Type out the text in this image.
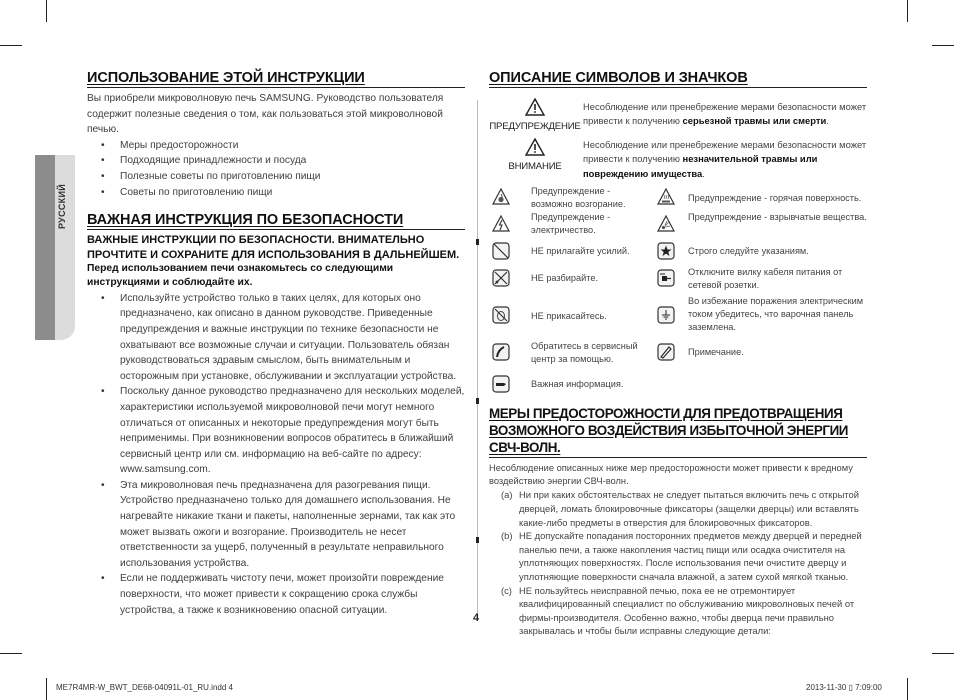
РУССКИЙ
ИСПОЛЬЗОВАНИЕ ЭТОЙ ИНСТРУКЦИИ

Вы приобрели микроволновую печь SAMSUNG. Руководство пользователя содержит полезные сведения о том, как пользоваться этой микроволновой печью.

• Меры предосторожности
• Подходящие принадлежности и посуда
• Полезные советы по приготовлению пищи
• Советы по приготовлению пищи
ВАЖНАЯ ИНСТРУКЦИЯ ПО БЕЗОПАСНОСТИ

ВАЖНЫЕ ИНСТРУКЦИИ ПО БЕЗОПАСНОСТИ. ВНИМАТЕЛЬНО ПРОЧТИТЕ И СОХРАНИТЕ ДЛЯ ИСПОЛЬЗОВАНИЯ В ДАЛЬНЕЙШЕМ.

Перед использованием печи ознакомьтесь со следующими инструкциями и соблюдайте их.

• Используйте устройство только в таких целях, для которых оно предназначено, как описано в данном руководстве. Приведенные предупреждения и важные инструкции по технике безопасности не охватывают все возможные случаи и ситуации. Пользователь обязан руководствоваться здравым смыслом, быть внимательным и осторожным при установке, обслуживании и эксплуатации устройства.
• Поскольку данное руководство предназначено для нескольких моделей, характеристики используемой микроволновой печи могут немного отличаться от описанных и некоторые предупреждения могут быть неприменимы. При возникновении вопросов обратитесь в ближайший сервисный центр или см. информацию на веб-сайте по адресу: www.samsung.com.
• Эта микроволновая печь предназначена для разогревания пищи. Устройство предназначено только для домашнего использования. Не нагревайте никакие ткани и пакеты, наполненные зернами, так как это может вызвать ожоги и возгорание. Производитель не несет ответственности за ущерб, полученный в результате неправильного использования устройства.
• Если не поддерживать чистоту печи, может произойти повреждение поверхности, что может привести к сокращению срока службы устройства, а также к возникновению опасной ситуации.
ОПИСАНИЕ СИМВОЛОВ И ЗНАЧКОВ
ПРЕДУПРЕЖДЕНИЕ
Несоблюдение или пренебрежение мерами безопасности может привести к получению серьезной травмы или смерти.
ВНИМАНИЕ
Несоблюдение или пренебрежение мерами безопасности может привести к получению незначительной травмы или повреждению имущества.
Предупреждение - возможно возгорание.
Предупреждение - электричество.
НЕ прилагайте усилий.
НЕ разбирайте.
НЕ прикасайтесь.
Обратитесь в сервисный центр за помощью.
Важная информация.
Предупреждение - горячая поверхность.
Предупреждение - взрывчатые вещества.
Строго следуйте указаниям.
Отключите вилку кабеля питания от сетевой розетки.
Во избежание поражения электрическим током убедитесь, что варочная панель заземлена.
Примечание.
МЕРЫ ПРЕДОСТОРОЖНОСТИ ДЛЯ ПРЕДОТВРАЩЕНИЯ
ВОЗМОЖНОГО ВОЗДЕЙСТВИЯ ИЗБЫТОЧНОЙ ЭНЕРГИИ СВЧ-ВОЛН.

Несоблюдение описанных ниже мер предосторожности может привести к вредному воздействию энергии СВЧ-волн.

(a) Ни при каких обстоятельствах не следует пытаться включить печь с открытой дверцей, ломать блокировочные фиксаторы (защелки дверцы) или вставлять какие-либо предметы в отверстия для блокировочных фиксаторов.
(b) НЕ допускайте попадания посторонних предметов между дверцей и передней панелью печи, а также накопления частиц пищи или осадка очистителя на уплотняющих поверхностях. После использования печи очистите дверцу и уплотняющие поверхности сначала влажной, а затем сухой мягкой тканью.
(c) НЕ пользуйтесь неисправной печью, пока ее не отремонтирует квалифицированный специалист по обслуживанию микроволновых печей от фирмы-производителя. Особенно важно, чтобы дверца печи правильно закрывалась и чтобы были исправны следующие детали:
4
ME7R4MR-W_BWT_DE68-04091L-01_RU.indd 4	2013-11-30 ▯ 7:09:00
